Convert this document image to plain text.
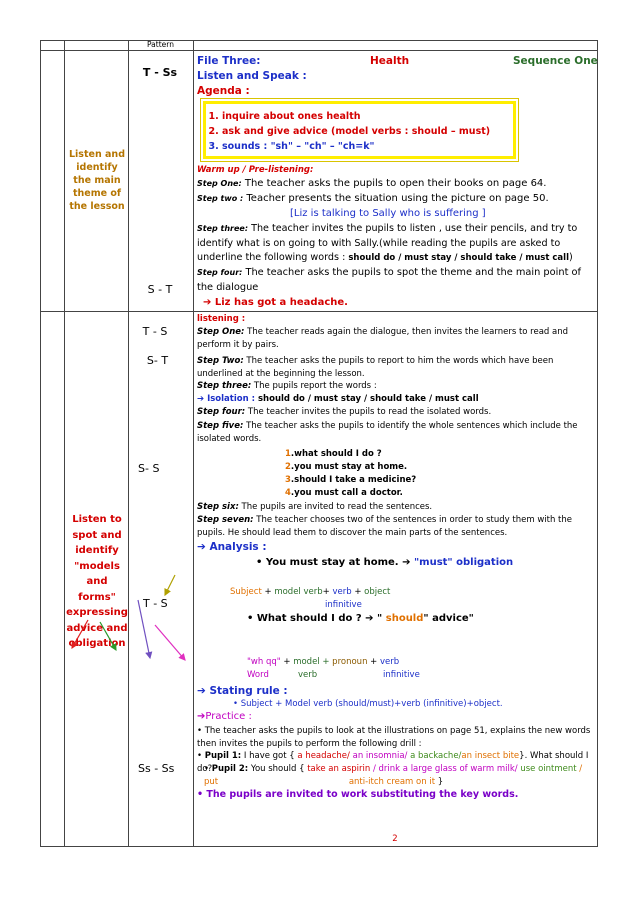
Pattern
Listen and identify the main theme of the lesson
T - Ss
S - T
File Three:	Health	Sequence One
Listen and Speak :
Agenda :
1. inquire about ones health
2. ask and give advice (model verbs : should – must)
3. sounds : "sh" – "ch" – "ch=k"
Warm up / Pre-listening:
Step One: The teacher asks the pupils to open their books on page 64.
Step two : Teacher presents the situation using the picture on page 50.
[Liz is talking to Sally who is suffering ]
Step three: The teacher invites the pupils to listen , use their pencils, and try to identify what is on going to with Sally.(while reading the pupils are asked to underline the following words : should do / must stay / should take / must call)
Step four: The teacher asks the pupils to spot the theme and the main point of the dialogue
➔ Liz has got a headache.
Listen to spot and identify "models and forms" expressing advice and obligation
T - S
S- T
S- S
T - S
Ss - Ss
listening :
Step One: The teacher reads again the dialogue, then invites the learners to read and perform it by pairs.
Step Two: The teacher asks the pupils to report to him the words which have been underlined at the beginning the lesson.
Step three: The pupils report the words :
➔ Isolation : should do / must stay / should take / must call
Step four: The teacher invites the pupils to read the isolated words.
Step five: The teacher asks the pupils to identify the whole sentences which include the isolated words.
1.what should I do ?
2.you must stay at home.
3.should I take a medicine?
4.you must call a doctor.
Step six: The pupils are invited to read the sentences.
Step seven: The teacher chooses two of the sentences in order to study them with the pupils. He should lead them to discover the main parts of the sentences.
➔ Analysis :
• You must stay at home. ➔ "must" obligation
Subject + model verb+ verb + object
infinitive
• What should I do ? ➔ " should" advice"
"wh qq" + model + pronoun + verb
Word	verb	infinitive
➔ Stating rule :
• Subject + Model verb (should/must)+verb (infinitive)+object.
➔Practice :
• The teacher asks the pupils to look at the illustrations on page 51, explains the new words then invites the pupils to perform the following drill :
• Pupil 1: I have got { a headache/ an insomnia/ a backache/an insect bite}. What should I do?
• Pupil 2: You should { take an aspirin / drink a large glass of warm milk/ use ointment / put	anti-itch cream on it }
• The pupils are invited to work substituting the key words.
2
